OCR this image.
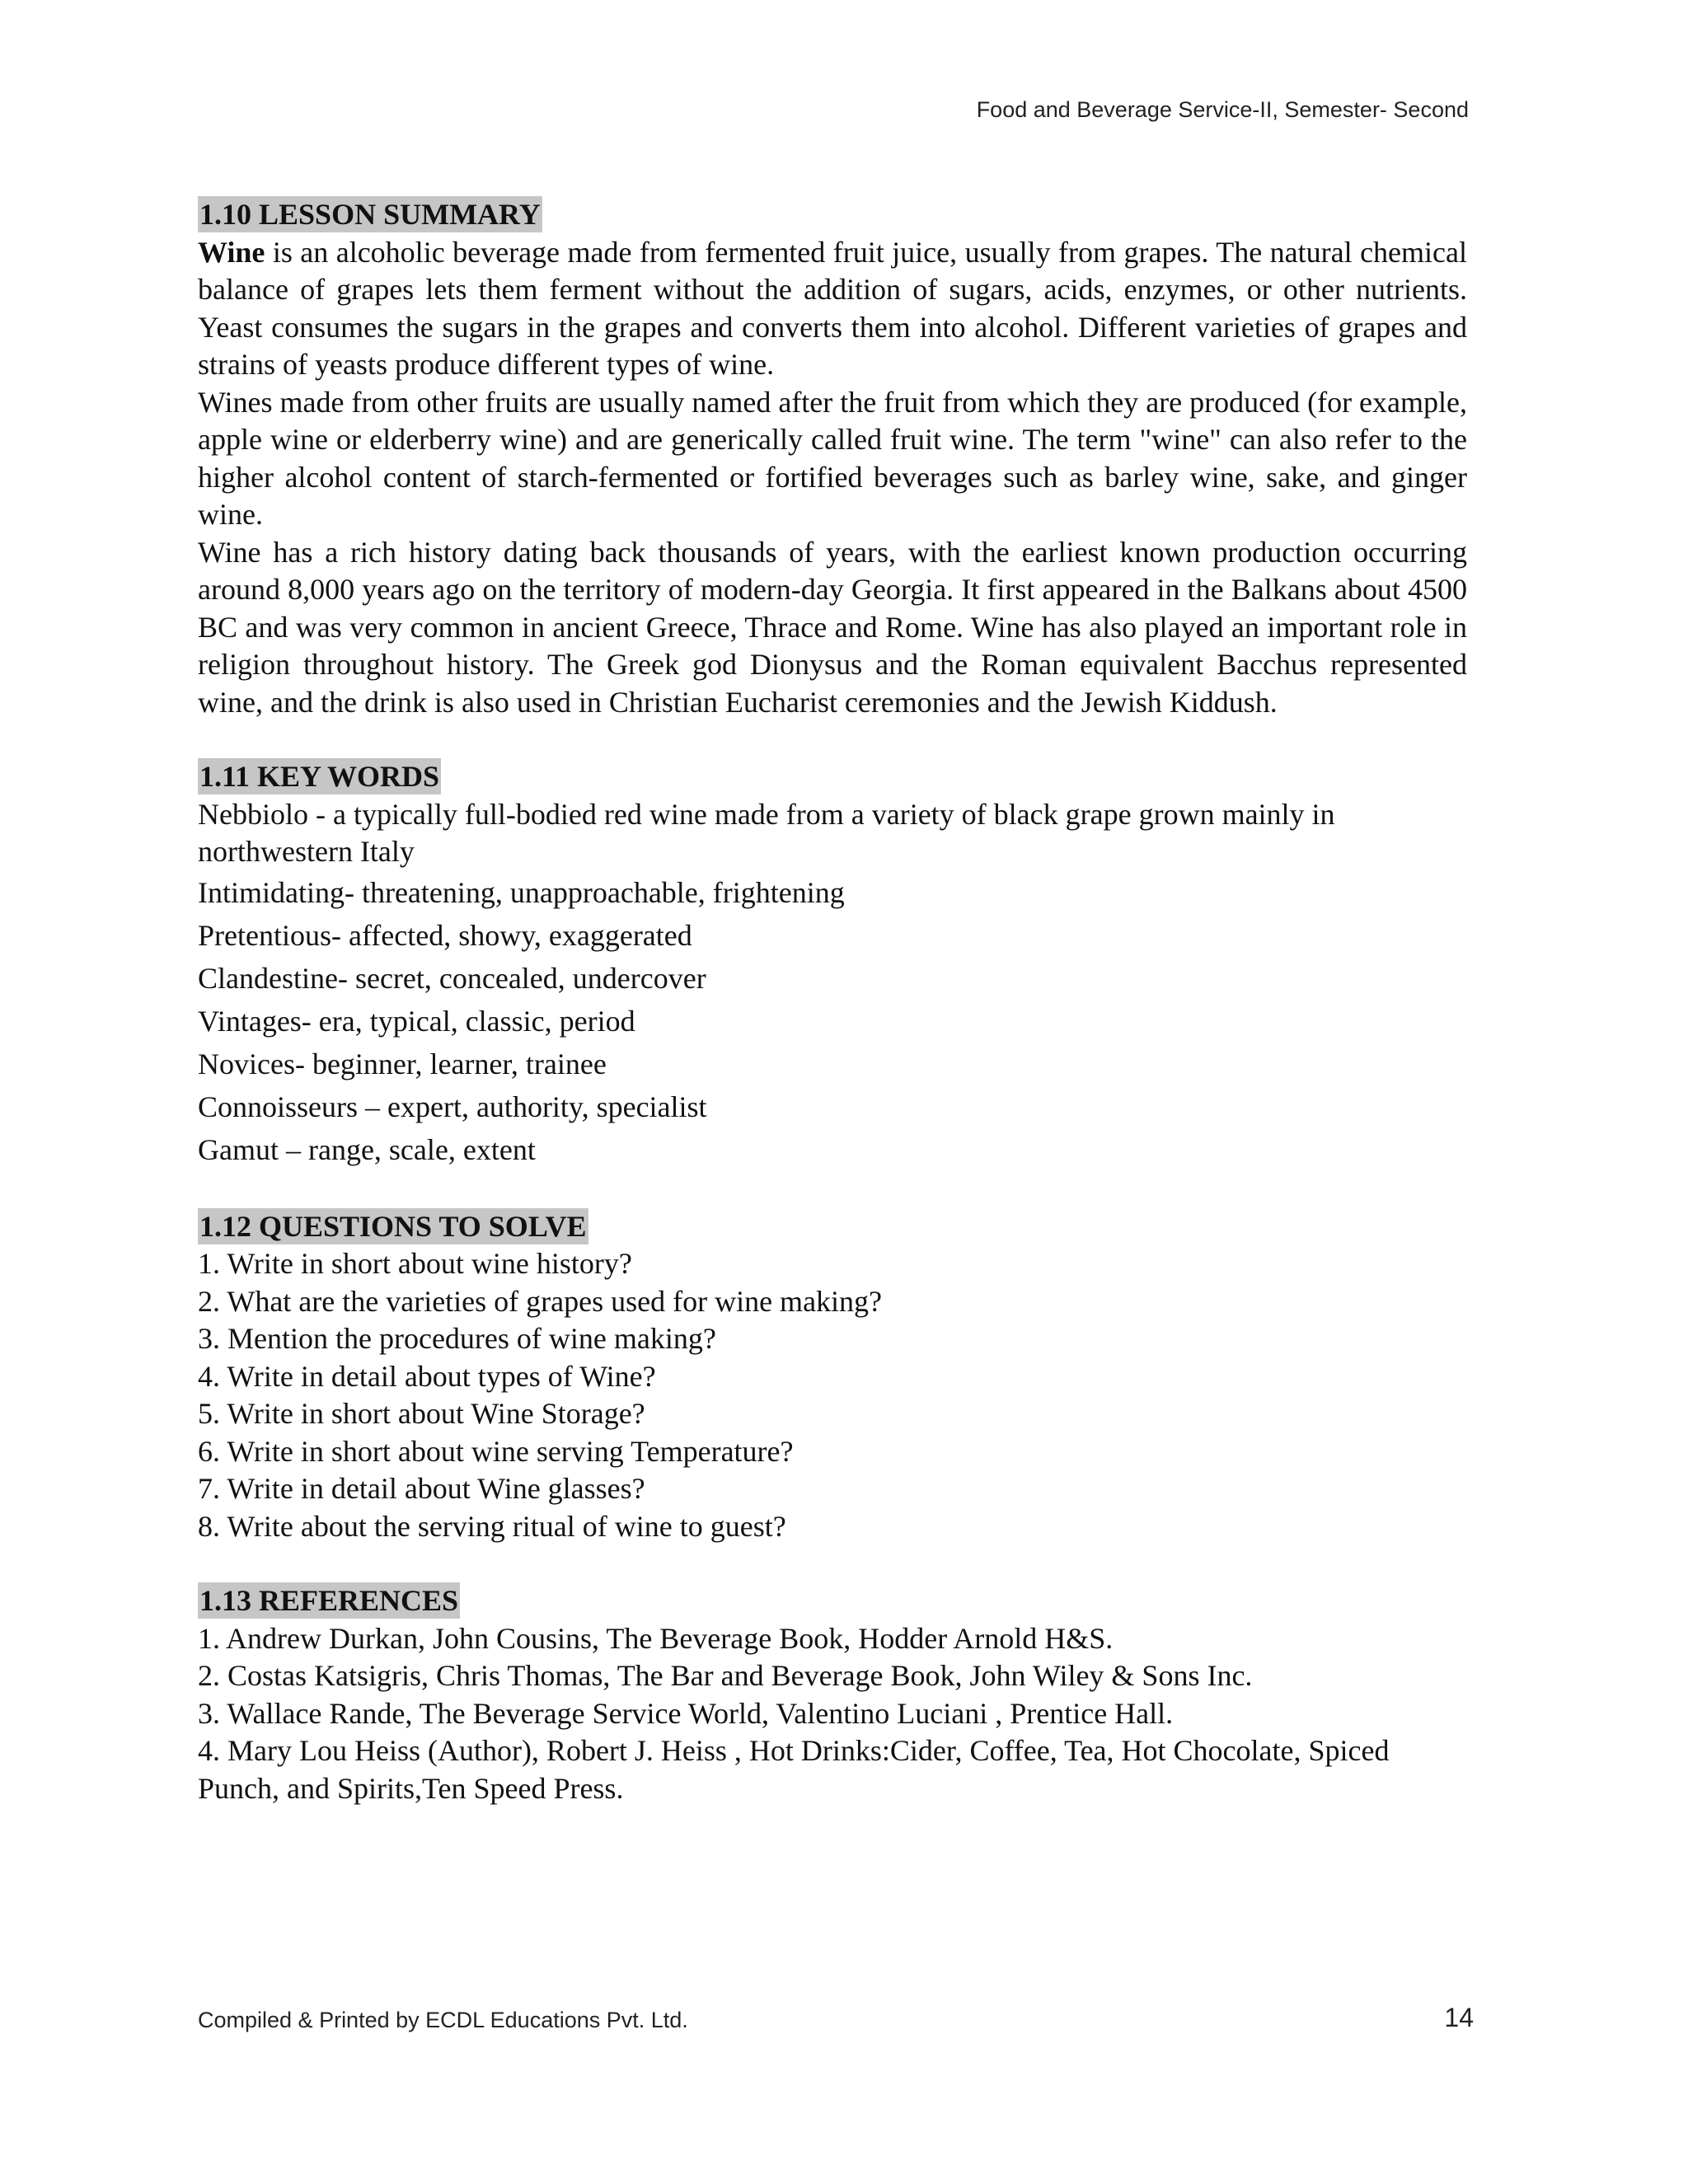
Food and Beverage Service-II, Semester- Second
1.10 LESSON SUMMARY

Wine is an alcoholic beverage made from fermented fruit juice, usually from grapes. The natural chemical balance of grapes lets them ferment without the addition of sugars, acids, enzymes, or other nutrients. Yeast consumes the sugars in the grapes and converts them into alcohol. Different varieties of grapes and strains of yeasts produce different types of wine.

Wines made from other fruits are usually named after the fruit from which they are produced (for example, apple wine or elderberry wine) and are generically called fruit wine. The term "wine" can also refer to the higher alcohol content of starch-fermented or fortified beverages such as barley wine, sake, and ginger wine.

Wine has a rich history dating back thousands of years, with the earliest known production occurring around 8,000 years ago on the territory of modern-day Georgia. It first appeared in the Balkans about 4500 BC and was very common in ancient Greece, Thrace and Rome. Wine has also played an important role in religion throughout history. The Greek god Dionysus and the Roman equivalent Bacchus represented wine, and the drink is also used in Christian Eucharist ceremonies and the Jewish Kiddush.

1.11 KEY WORDS

Nebbiolo - a typically full-bodied red wine made from a variety of black grape grown mainly in northwestern Italy

Intimidating- threatening, unapproachable, frightening

Pretentious- affected, showy, exaggerated

Clandestine- secret, concealed, undercover

Vintages- era, typical, classic, period

Novices- beginner, learner, trainee

Connoisseurs – expert, authority, specialist

Gamut – range, scale, extent

1.12 QUESTIONS TO SOLVE

1. Write in short about wine history?

2. What are the varieties of grapes used for wine making?

3. Mention the procedures of wine making?

4. Write in detail about types of Wine?

5. Write in short about Wine Storage?

6. Write in short about wine serving Temperature?

7. Write in detail about Wine glasses?

8. Write about the serving ritual of wine to guest?

1.13 REFERENCES

1. Andrew Durkan, John Cousins, The Beverage Book, Hodder Arnold H&S.

2. Costas Katsigris, Chris Thomas, The Bar and Beverage Book, John Wiley & Sons Inc.

3. Wallace Rande, The Beverage Service World, Valentino Luciani , Prentice Hall.

4. Mary Lou Heiss (Author), Robert J. Heiss , Hot Drinks:Cider, Coffee, Tea, Hot Chocolate, Spiced Punch, and Spirits,Ten Speed Press.

Compiled & Printed by ECDL Educations Pvt. Ltd.	14
